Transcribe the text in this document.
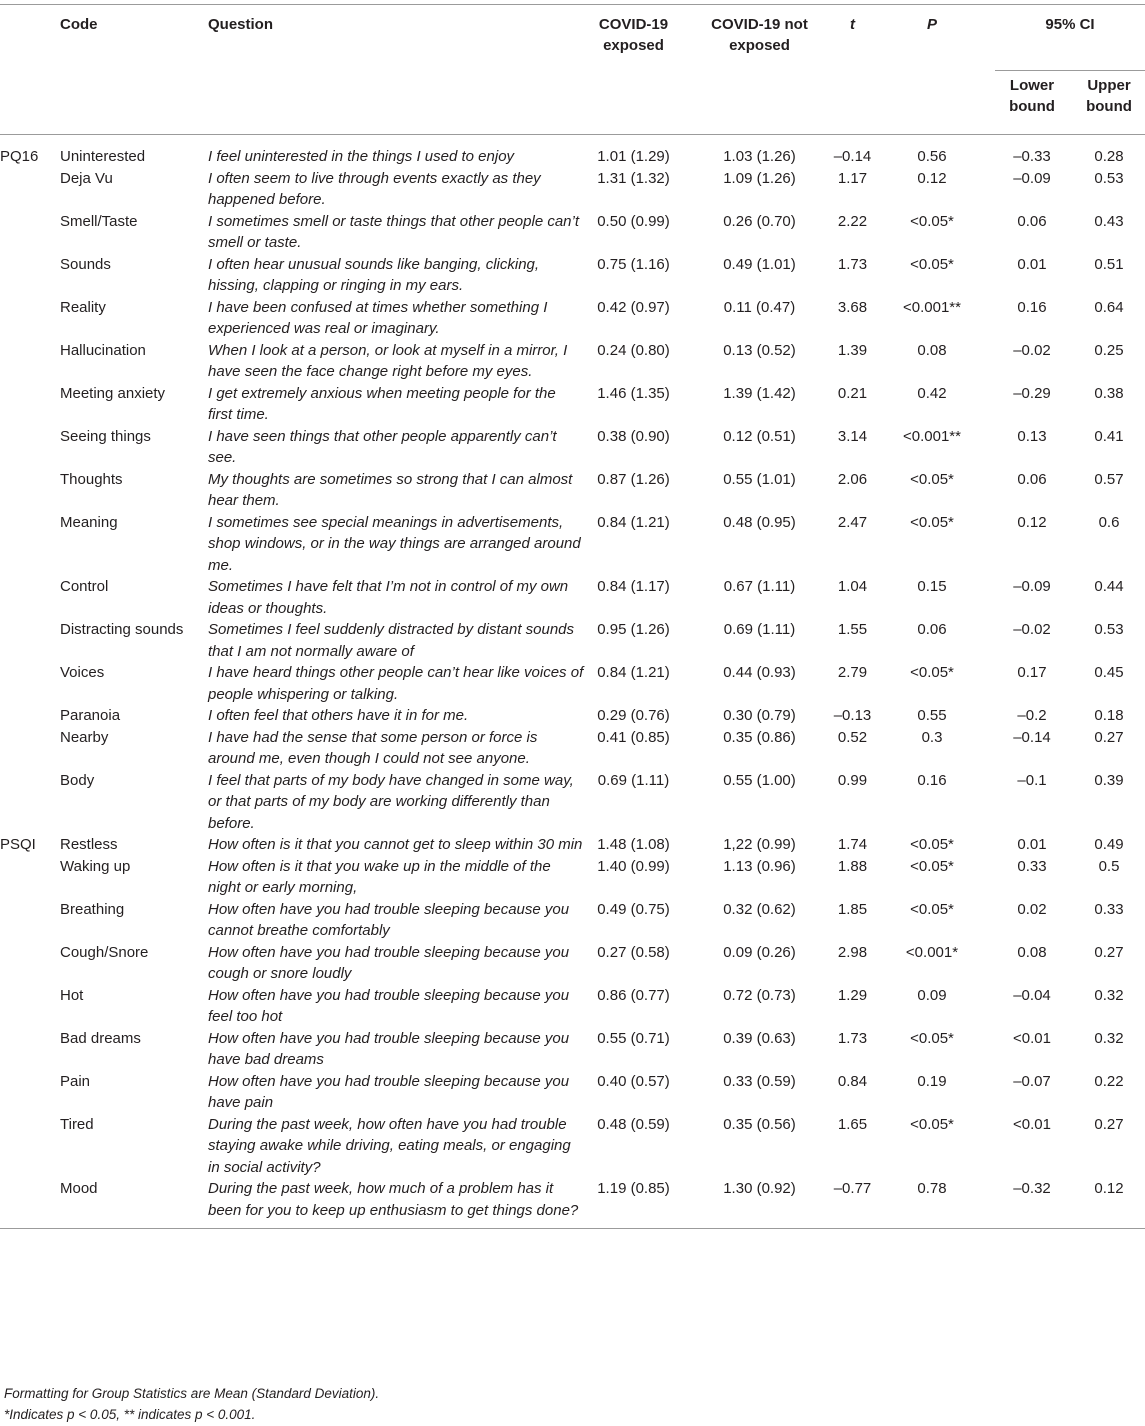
	Code	Question	COVID-19 exposed	COVID-19 not exposed	t	P	95% CI	
							Lower bound	Upper bound
PQ16	Uninterested	I feel uninterested in the things I used to enjoy	1.01 (1.29)	1.03 (1.26)	–0.14	0.56	–0.33	0.28
	Deja Vu	I often seem to live through events exactly as they happened before.	1.31 (1.32)	1.09 (1.26)	1.17	0.12	–0.09	0.53
	Smell/Taste	I sometimes smell or taste things that other people can’t smell or taste.	0.50 (0.99)	0.26 (0.70)	2.22	<0.05*	0.06	0.43
	Sounds	I often hear unusual sounds like banging, clicking, hissing, clapping or ringing in my ears.	0.75 (1.16)	0.49 (1.01)	1.73	<0.05*	0.01	0.51
	Reality	I have been confused at times whether something I experienced was real or imaginary.	0.42 (0.97)	0.11 (0.47)	3.68	<0.001**	0.16	0.64
	Hallucination	When I look at a person, or look at myself in a mirror, I have seen the face change right before my eyes.	0.24 (0.80)	0.13 (0.52)	1.39	0.08	–0.02	0.25
	Meeting anxiety	I get extremely anxious when meeting people for the first time.	1.46 (1.35)	1.39 (1.42)	0.21	0.42	–0.29	0.38
	Seeing things	I have seen things that other people apparently can’t see.	0.38 (0.90)	0.12 (0.51)	3.14	<0.001**	0.13	0.41
	Thoughts	My thoughts are sometimes so strong that I can almost hear them.	0.87 (1.26)	0.55 (1.01)	2.06	<0.05*	0.06	0.57
	Meaning	I sometimes see special meanings in advertisements, shop windows, or in the way things are arranged around me.	0.84 (1.21)	0.48 (0.95)	2.47	<0.05*	0.12	0.6
	Control	Sometimes I have felt that I’m not in control of my own ideas or thoughts.	0.84 (1.17)	0.67 (1.11)	1.04	0.15	–0.09	0.44
	Distracting sounds	Sometimes I feel suddenly distracted by distant sounds that I am not normally aware of	0.95 (1.26)	0.69 (1.11)	1.55	0.06	–0.02	0.53
	Voices	I have heard things other people can’t hear like voices of people whispering or talking.	0.84 (1.21)	0.44 (0.93)	2.79	<0.05*	0.17	0.45
	Paranoia	I often feel that others have it in for me.	0.29 (0.76)	0.30 (0.79)	–0.13	0.55	–0.2	0.18
	Nearby	I have had the sense that some person or force is around me, even though I could not see anyone.	0.41 (0.85)	0.35 (0.86)	0.52	0.3	–0.14	0.27
	Body	I feel that parts of my body have changed in some way, or that parts of my body are working differently than before.	0.69 (1.11)	0.55 (1.00)	0.99	0.16	–0.1	0.39
PSQI	Restless	How often is it that you cannot get to sleep within 30 min	1.48 (1.08)	1,22 (0.99)	1.74	<0.05*	0.01	0.49
	Waking up	How often is it that you wake up in the middle of the night or early morning,	1.40 (0.99)	1.13 (0.96)	1.88	<0.05*	0.33	0.5
	Breathing	How often have you had trouble sleeping because you cannot breathe comfortably	0.49 (0.75)	0.32 (0.62)	1.85	<0.05*	0.02	0.33
	Cough/Snore	How often have you had trouble sleeping because you cough or snore loudly	0.27 (0.58)	0.09 (0.26)	2.98	<0.001*	0.08	0.27
	Hot	How often have you had trouble sleeping because you feel too hot	0.86 (0.77)	0.72 (0.73)	1.29	0.09	–0.04	0.32
	Bad dreams	How often have you had trouble sleeping because you have bad dreams	0.55 (0.71)	0.39 (0.63)	1.73	<0.05*	<0.01	0.32
	Pain	How often have you had trouble sleeping because you have pain	0.40 (0.57)	0.33 (0.59)	0.84	0.19	–0.07	0.22
	Tired	During the past week, how often have you had trouble staying awake while driving, eating meals, or engaging in social activity?	0.48 (0.59)	0.35 (0.56)	1.65	<0.05*	<0.01	0.27
	Mood	During the past week, how much of a problem has it been for you to keep up enthusiasm to get things done?	1.19 (0.85)	1.30 (0.92)	–0.77	0.78	–0.32	0.12
Formatting for Group Statistics are Mean (Standard Deviation).
*Indicates p < 0.05, ** indicates p < 0.001.
